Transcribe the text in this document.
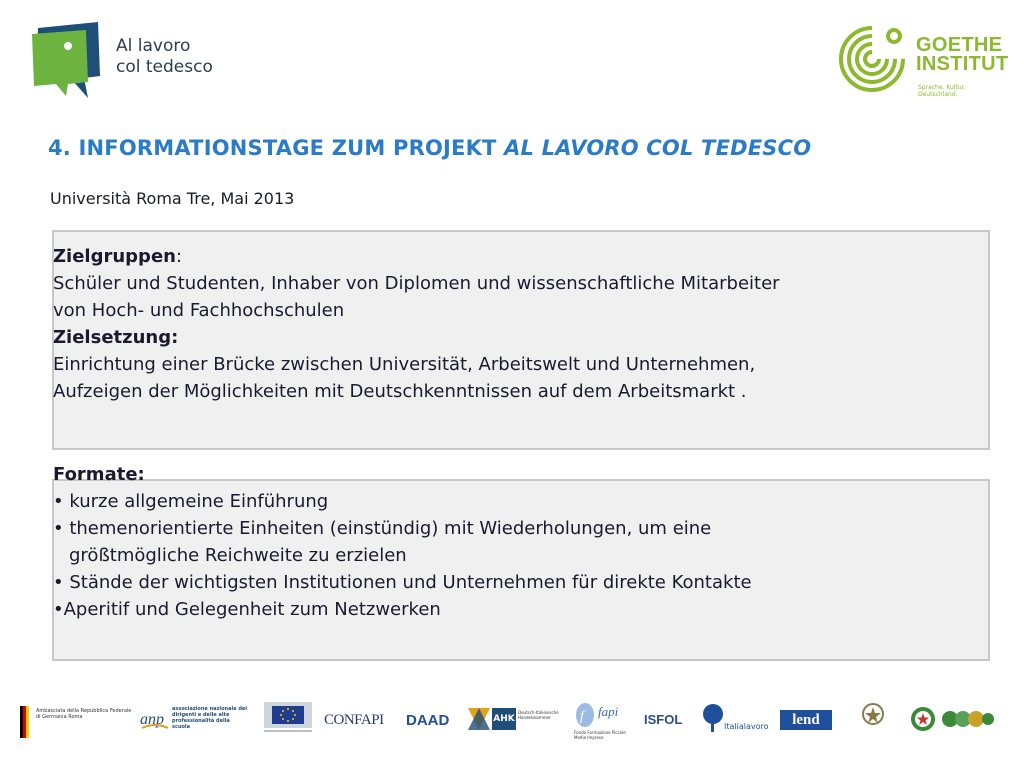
Al lavoro
col tedesco
GOETHE
INSTITUT
Sprache. Kultur. Deutschland.
4. INFORMATIONSTAGE ZUM PROJEKT AL LAVORO COL TEDESCO
Università Roma Tre, Mai 2013
Zielgruppen:
Schüler und Studenten, Inhaber von Diplomen und wissenschaftliche Mitarbeiter
von Hoch- und Fachhochschulen
Zielsetzung:
Einrichtung einer Brücke zwischen Universität, Arbeitswelt und Unternehmen,
Aufzeigen der Möglichkeiten mit Deutschkenntnissen auf dem Arbeitsmarkt .
Formate:
• kurze allgemeine Einführung
• themenorientierte Einheiten (einstündig) mit Wiederholungen, um eine
größtmögliche Reichweite zu erzielen
• Stände der wichtigsten Institutionen und Unternehmen für direkte Kontakte
•Aperitif und Gelegenheit zum Netzwerken
Ambasciata della Repubblica Federale di Germania Roma	anp
associazione nazionale dei dirigenti e delle alte professionalità della scuola	CONFAPI DAAD	AHK
Deutsch-Italienische Handelskammer	f fapi
Fondo Formazione Piccole Medie Imprese
ISFOL	Italialavoro	lend
